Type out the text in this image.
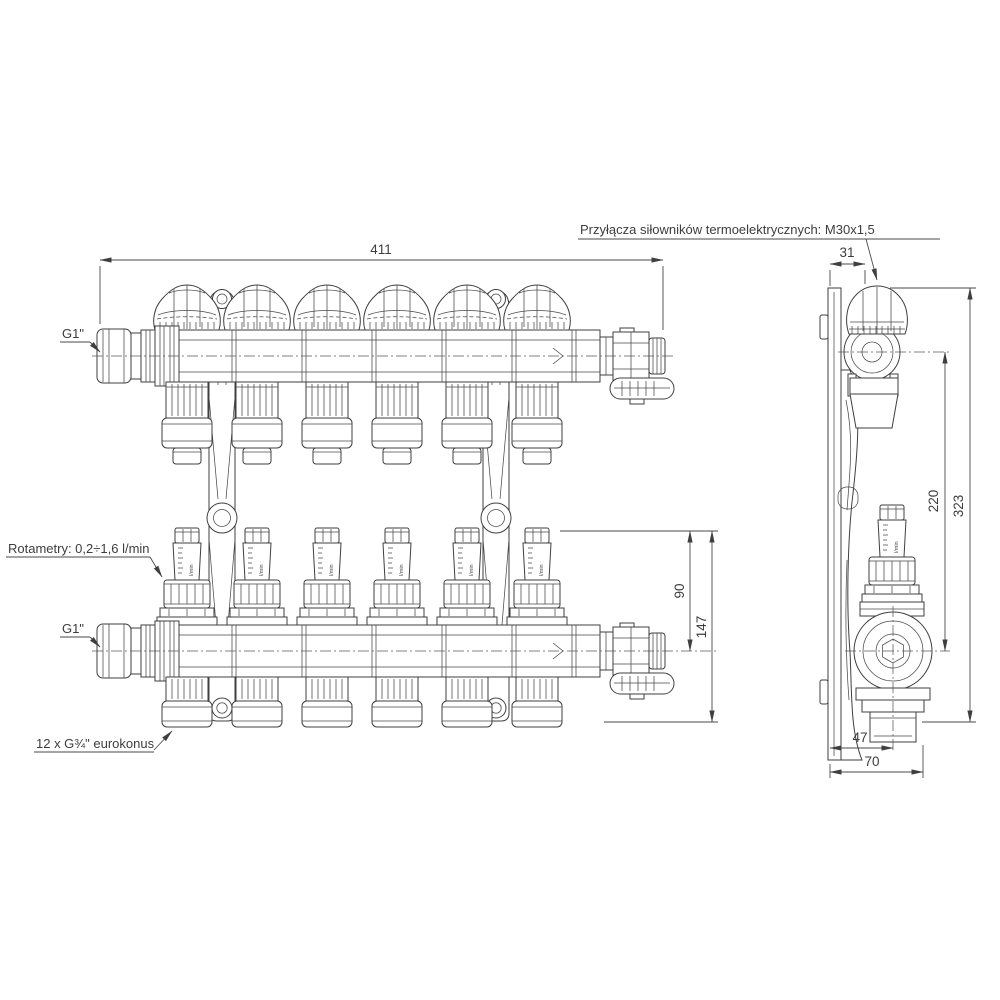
l/min
411
90
147
31
220 323
47
70
Przyłącza siłowników termoelektrycznych: M30x1,5
G1"
G1"
Rotametry: 0,2÷1,6 l/min
12 x G¾" eurokonus
